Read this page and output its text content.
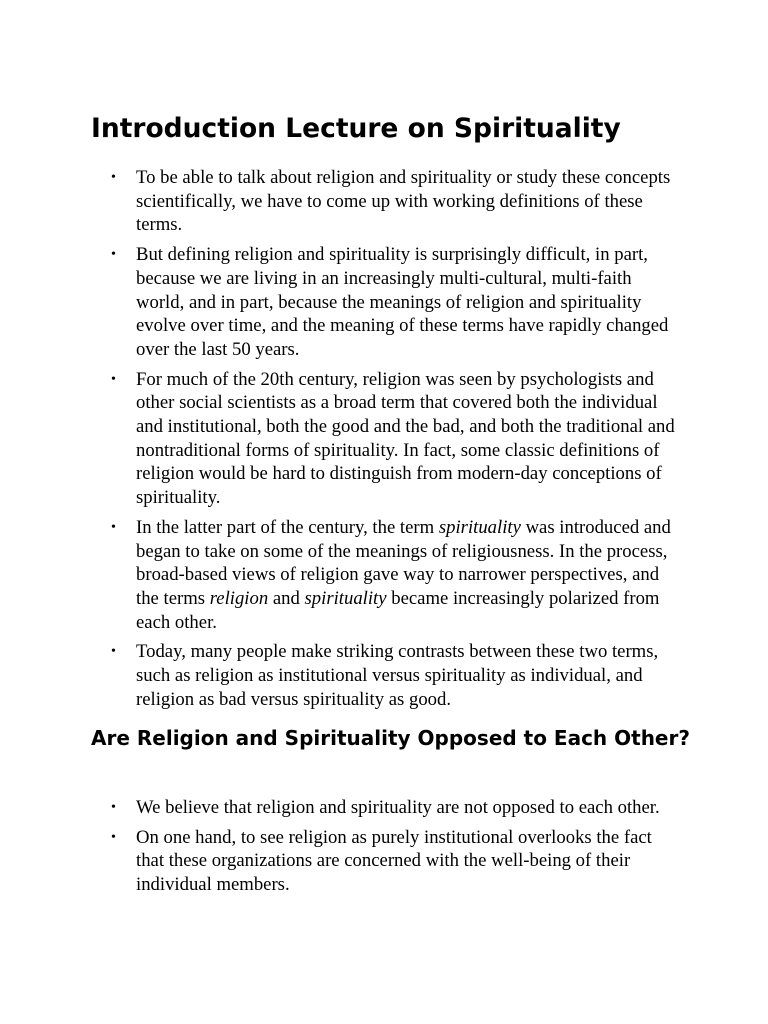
Introduction Lecture on Spirituality
• To be able to talk about religion and spirituality or study these concepts scientifically, we have to come up with working definitions of these terms.
• But defining religion and spirituality is surprisingly difficult, in part, because we are living in an increasingly multi-cultural, multi-faith world, and in part, because the meanings of religion and spirituality evolve over time, and the meaning of these terms have rapidly changed over the last 50 years.
• For much of the 20th century, religion was seen by psychologists and other social scientists as a broad term that covered both the individual and institutional, both the good and the bad, and both the traditional and nontraditional forms of spirituality. In fact, some classic definitions of religion would be hard to distinguish from modern-day conceptions of spirituality.
• In the latter part of the century, the term spirituality was introduced and began to take on some of the meanings of religiousness. In the process, broad-based views of religion gave way to narrower perspectives, and the terms religion and spirituality became increasingly polarized from each other.
• Today, many people make striking contrasts between these two terms, such as religion as institutional versus spirituality as individual, and religion as bad versus spirituality as good.
Are Religion and Spirituality Opposed to Each Other?
• We believe that religion and spirituality are not opposed to each other.
• On one hand, to see religion as purely institutional overlooks the fact that these organizations are concerned with the well-being of their individual members.
